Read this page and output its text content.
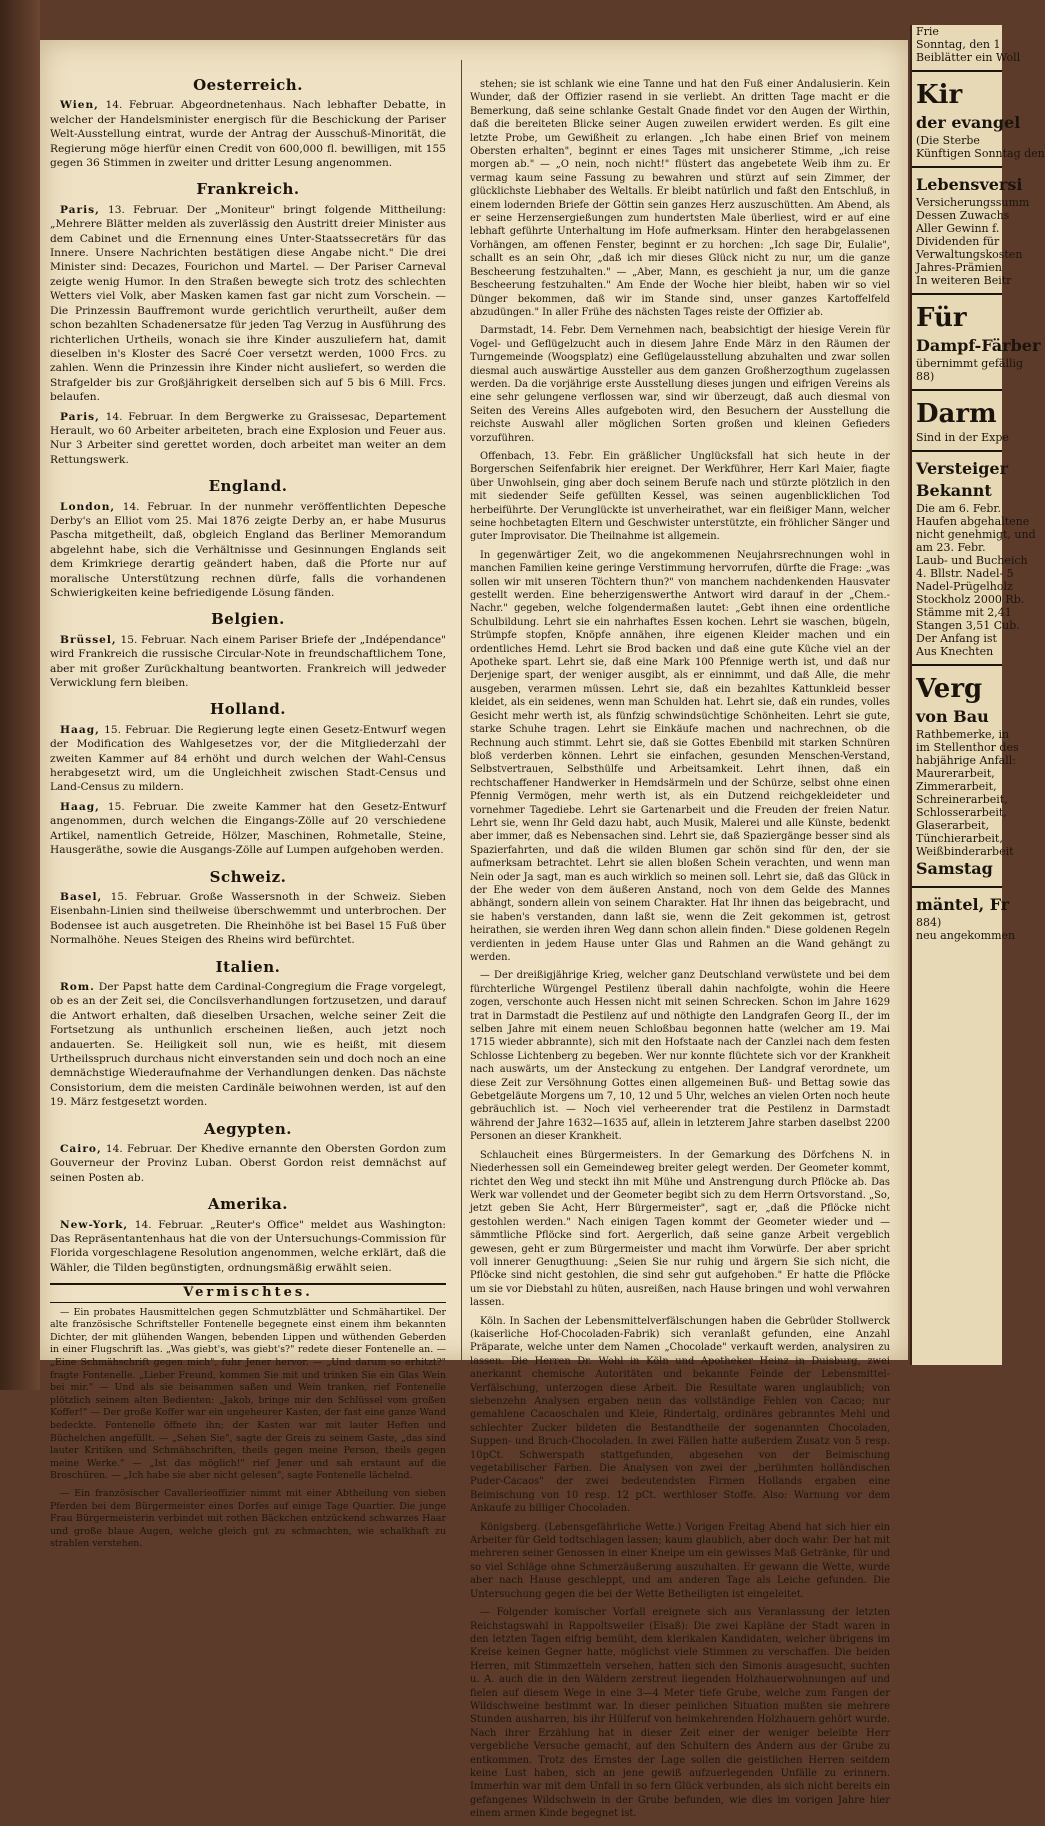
Oesterreich.

Wien, 14. Februar. Abgeordnetenhaus. Nach lebhafter Debatte, in welcher der Handelsminister energisch für die Beschickung der Pariser Welt-Ausstellung eintrat, wurde der Antrag der Ausschuß-Minorität, die Regierung möge hierfür einen Credit von 600,000 fl. bewilligen, mit 155 gegen 36 Stimmen in zweiter und dritter Lesung angenommen.

Frankreich.

Paris, 13. Februar. Der „Moniteur" bringt folgende Mittheilung: „Mehrere Blätter melden als zuverlässig den Austritt dreier Minister aus dem Cabinet und die Ernennung eines Unter-Staatssecretärs für das Innere. Unsere Nachrichten bestätigen diese Angabe nicht." Die drei Minister sind: Decazes, Fourichon und Martel. — Der Pariser Carneval zeigte wenig Humor. In den Straßen bewegte sich trotz des schlechten Wetters viel Volk, aber Masken kamen fast gar nicht zum Vorschein. — Die Prinzessin Bauffremont wurde gerichtlich verurtheilt, außer dem schon bezahlten Schadenersatze für jeden Tag Verzug in Ausführung des richterlichen Urtheils, wonach sie ihre Kinder auszuliefern hat, damit dieselben in's Kloster des Sacré Coer versetzt werden, 1000 Frcs. zu zahlen. Wenn die Prinzessin ihre Kinder nicht ausliefert, so werden die Strafgelder bis zur Großjährigkeit derselben sich auf 5 bis 6 Mill. Frcs. belaufen.

Paris, 14. Februar. In dem Bergwerke zu Graissesac, Departement Herault, wo 60 Arbeiter arbeiteten, brach eine Explosion und Feuer aus. Nur 3 Arbeiter sind gerettet worden, doch arbeitet man weiter an dem Rettungswerk.

England.

London, 14. Februar. In der nunmehr veröffentlichten Depesche Derby's an Elliot vom 25. Mai 1876 zeigte Derby an, er habe Musurus Pascha mitgetheilt, daß, obgleich England das Berliner Memorandum abgelehnt habe, sich die Verhältnisse und Gesinnungen Englands seit dem Krimkriege derartig geändert haben, daß die Pforte nur auf moralische Unterstützung rechnen dürfe, falls die vorhandenen Schwierigkeiten keine befriedigende Lösung fänden.

Belgien.

Brüssel, 15. Februar. Nach einem Pariser Briefe der „Indépendance" wird Frankreich die russische Circular-Note in freundschaftlichem Tone, aber mit großer Zurückhaltung beantworten. Frankreich will jedweder Verwicklung fern bleiben.

Holland.

Haag, 15. Februar. Die Regierung legte einen Gesetz-Entwurf wegen der Modification des Wahlgesetzes vor, der die Mitgliederzahl der zweiten Kammer auf 84 erhöht und durch welchen der Wahl-Census herabgesetzt wird, um die Ungleichheit zwischen Stadt-Census und Land-Census zu mildern.

Haag, 15. Februar. Die zweite Kammer hat den Gesetz-Entwurf angenommen, durch welchen die Eingangs-Zölle auf 20 verschiedene Artikel, namentlich Getreide, Hölzer, Maschinen, Rohmetalle, Steine, Hausgeräthe, sowie die Ausgangs-Zölle auf Lumpen aufgehoben werden.

Schweiz.

Basel, 15. Februar. Große Wassersnoth in der Schweiz. Sieben Eisenbahn-Linien sind theilweise überschwemmt und unterbrochen. Der Bodensee ist auch ausgetreten. Die Rheinhöhe ist bei Basel 15 Fuß über Normalhöhe. Neues Steigen des Rheins wird befürchtet.

Italien.

Rom. Der Papst hatte dem Cardinal-Congregium die Frage vorgelegt, ob es an der Zeit sei, die Concilsverhandlungen fortzusetzen, und darauf die Antwort erhalten, daß dieselben Ursachen, welche seiner Zeit die Fortsetzung als unthunlich erscheinen ließen, auch jetzt noch andauerten. Se. Heiligkeit soll nun, wie es heißt, mit diesem Urtheilsspruch durchaus nicht einverstanden sein und doch noch an eine demnächstige Wiederaufnahme der Verhandlungen denken. Das nächste Consistorium, dem die meisten Cardinäle beiwohnen werden, ist auf den 19. März festgesetzt worden.

Aegypten.

Cairo, 14. Februar. Der Khedive ernannte den Obersten Gordon zum Gouverneur der Provinz Luban. Oberst Gordon reist demnächst auf seinen Posten ab.

Amerika.

New-York, 14. Februar. „Reuter's Office" meldet aus Washington: Das Repräsentantenhaus hat die von der Untersuchungs-Commission für Florida vorgeschlagene Resolution angenommen, welche erklärt, daß die Wähler, die Tilden begünstigten, ordnungsmäßig erwählt seien.

Vermischtes.

— Ein probates Hausmittelchen gegen Schmutzblätter und Schmähartikel. Der alte französische Schriftsteller Fontenelle begegnete einst einem ihm bekannten Dichter, der mit glühenden Wangen, bebenden Lippen und wüthenden Geberden in einer Flugschrift las. „Was giebt's, was giebt's?" redete dieser Fontenelle an. — „Eine Schmähschrift gegen mich", fuhr Jener hervor. — „Und darum so erhitzt?" fragte Fontenelle. „Lieber Freund, kommen Sie mit und trinken Sie ein Glas Wein bei mir." — Und als sie beisammen saßen und Wein tranken, rief Fontenelle plötzlich seinem alten Bedienten: „Jakob, bringe mir den Schlüssel vom großen Koffer!" — Der große Koffer war ein ungeheurer Kasten, der fast eine ganze Wand bedeckte. Fontenelle öffnete ihn; der Kasten war mit lauter Heften und Büchelchen angefüllt. — „Sehen Sie", sagte der Greis zu seinem Gaste, „das sind lauter Kritiken und Schmähschriften, theils gegen meine Person, theils gegen meine Werke." — „Ist das möglich!" rief Jener und sah erstaunt auf die Broschüren. — „Ich habe sie aber nicht gelesen", sagte Fontenelle lächelnd.

— Ein französischer Cavallerieoffizier nimmt mit einer Abtheilung von sieben Pferden bei dem Bürgermeister eines Dorfes auf einige Tage Quartier. Die junge Frau Bürgermeisterin verbindet mit rothen Bäckchen entzückend schwarzes Haar und große blaue Augen, welche gleich gut zu schmachten, wie schalkhaft zu strahlen verstehen.

stehen; sie ist schlank wie eine Tanne und hat den Fuß einer Andalusierin. Kein Wunder, daß der Offizier rasend in sie verliebt. An dritten Tage macht er die Bemerkung, daß seine schlanke Gestalt Gnade findet vor den Augen der Wirthin, daß die bereiteten Blicke seiner Augen zuweilen erwidert werden. Es gilt eine letzte Probe, um Gewißheit zu erlangen. „Ich habe einen Brief von meinem Obersten erhalten", beginnt er eines Tages mit unsicherer Stimme, „ich reise morgen ab." — „O nein, noch nicht!" flüstert das angebetete Weib ihm zu. Er vermag kaum seine Fassung zu bewahren und stürzt auf sein Zimmer, der glücklichste Liebhaber des Weltalls. Er bleibt natürlich und faßt den Entschluß, in einem lodernden Briefe der Göttin sein ganzes Herz auszuschütten. Am Abend, als er seine Herzensergießungen zum hundertsten Male überliest, wird er auf eine lebhaft geführte Unterhaltung im Hofe aufmerksam. Hinter den herabgelassenen Vorhängen, am offenen Fenster, beginnt er zu horchen: „Ich sage Dir, Eulalie", schallt es an sein Ohr, „daß ich mir dieses Glück nicht zu nur, um die ganze Bescheerung festzuhalten." — „Aber, Mann, es geschieht ja nur, um die ganze Bescheerung festzuhalten." Am Ende der Woche hier bleibt, haben wir so viel Dünger bekommen, daß wir im Stande sind, unser ganzes Kartoffelfeld abzudüngen." In aller Frühe des nächsten Tages reiste der Offizier ab.

Darmstadt, 14. Febr. Dem Vernehmen nach, beabsichtigt der hiesige Verein für Vogel- und Geflügelzucht auch in diesem Jahre Ende März in den Räumen der Turngemeinde (Woogsplatz) eine Geflügelausstellung abzuhalten und zwar sollen diesmal auch auswärtige Aussteller aus dem ganzen Großherzogthum zugelassen werden. Da die vorjährige erste Ausstellung dieses jungen und eifrigen Vereins als eine sehr gelungene verflossen war, sind wir überzeugt, daß auch diesmal von Seiten des Vereins Alles aufgeboten wird, den Besuchern der Ausstellung die reichste Auswahl aller möglichen Sorten großen und kleinen Gefieders vorzuführen.

Offenbach, 13. Febr. Ein gräßlicher Unglücksfall hat sich heute in der Borgerschen Seifenfabrik hier ereignet. Der Werkführer, Herr Karl Maier, fiagte über Unwohlsein, ging aber doch seinem Berufe nach und stürzte plötzlich in den mit siedender Seife gefüllten Kessel, was seinen augenblicklichen Tod herbeiführte. Der Verunglückte ist unverheirathet, war ein fleißiger Mann, welcher seine hochbetagten Eltern und Geschwister unterstützte, ein fröhlicher Sänger und guter Improvisator. Die Theilnahme ist allgemein.

In gegenwärtiger Zeit, wo die angekommenen Neujahrsrechnungen wohl in manchen Familien keine geringe Verstimmung hervorrufen, dürfte die Frage: „was sollen wir mit unseren Töchtern thun?" von manchem nachdenkenden Hausvater gestellt werden. Eine beherzigenswerthe Antwort wird darauf in der „Chem.-Nachr." gegeben, welche folgendermaßen lautet: „Gebt ihnen eine ordentliche Schulbildung. Lehrt sie ein nahrhaftes Essen kochen. Lehrt sie waschen, bügeln, Strümpfe stopfen, Knöpfe annähen, ihre eigenen Kleider machen und ein ordentliches Hemd. Lehrt sie Brod backen und daß eine gute Küche viel an der Apotheke spart. Lehrt sie, daß eine Mark 100 Pfennige werth ist, und daß nur Derjenige spart, der weniger ausgibt, als er einnimmt, und daß Alle, die mehr ausgeben, verarmen müssen. Lehrt sie, daß ein bezahltes Kattunkleid besser kleidet, als ein seidenes, wenn man Schulden hat. Lehrt sie, daß ein rundes, volles Gesicht mehr werth ist, als fünfzig schwindsüchtige Schönheiten. Lehrt sie gute, starke Schuhe tragen. Lehrt sie Einkäufe machen und nachrechnen, ob die Rechnung auch stimmt. Lehrt sie, daß sie Gottes Ebenbild mit starken Schnüren bloß verderben können. Lehrt sie einfachen, gesunden Menschen-Verstand, Selbstvertrauen, Selbsthülfe und Arbeitsamkeit. Lehrt ihnen, daß ein rechtschaffener Handwerker in Hemdsärmeln und der Schürze, selbst ohne einen Pfennig Vermögen, mehr werth ist, als ein Dutzend reichgekleideter und vornehmer Tagediebe. Lehrt sie Gartenarbeit und die Freuden der freien Natur. Lehrt sie, wenn Ihr Geld dazu habt, auch Musik, Malerei und alle Künste, bedenkt aber immer, daß es Nebensachen sind. Lehrt sie, daß Spaziergänge besser sind als Spazierfahrten, und daß die wilden Blumen gar schön sind für den, der sie aufmerksam betrachtet. Lehrt sie allen bloßen Schein verachten, und wenn man Nein oder Ja sagt, man es auch wirklich so meinen soll. Lehrt sie, daß das Glück in der Ehe weder von dem äußeren Anstand, noch von dem Gelde des Mannes abhängt, sondern allein von seinem Charakter. Hat Ihr ihnen das beigebracht, und sie haben's verstanden, dann laßt sie, wenn die Zeit gekommen ist, getrost heirathen, sie werden ihren Weg dann schon allein finden." Diese goldenen Regeln verdienten in jedem Hause unter Glas und Rahmen an die Wand gehängt zu werden.

— Der dreißigjährige Krieg, welcher ganz Deutschland verwüstete und bei dem fürchterliche Würgengel Pestilenz überall dahin nachfolgte, wohin die Heere zogen, verschonte auch Hessen nicht mit seinen Schrecken. Schon im Jahre 1629 trat in Darmstadt die Pestilenz auf und nöthigte den Landgrafen Georg II., der im selben Jahre mit einem neuen Schloßbau begonnen hatte (welcher am 19. Mai 1715 wieder abbrannte), sich mit den Hofstaate nach der Canzlei nach dem festen Schlosse Lichtenberg zu begeben. Wer nur konnte flüchtete sich vor der Krankheit nach auswärts, um der Ansteckung zu entgehen. Der Landgraf verordnete, um diese Zeit zur Versöhnung Gottes einen allgemeinen Buß- und Bettag sowie das Gebetgeläute Morgens um 7, 10, 12 und 5 Uhr, welches an vielen Orten noch heute gebräuchlich ist. — Noch viel verheerender trat die Pestilenz in Darmstadt während der Jahre 1632—1635 auf, allein in letzterem Jahre starben daselbst 2200 Personen an dieser Krankheit.

Schlaucheit eines Bürgermeisters. In der Gemarkung des Dörfchens N. in Niederhessen soll ein Gemeindeweg breiter gelegt werden. Der Geometer kommt, richtet den Weg und steckt ihn mit Mühe und Anstrengung durch Pflöcke ab. Das Werk war vollendet und der Geometer begibt sich zu dem Herrn Ortsvorstand. „So, jetzt geben Sie Acht, Herr Bürgermeister", sagt er, „daß die Pflöcke nicht gestohlen werden." Nach einigen Tagen kommt der Geometer wieder und — sämmtliche Pflöcke sind fort. Aergerlich, daß seine ganze Arbeit vergeblich gewesen, geht er zum Bürgermeister und macht ihm Vorwürfe. Der aber spricht voll innerer Genugthuung: „Seien Sie nur ruhig und ärgern Sie sich nicht, die Pflöcke sind nicht gestohlen, die sind sehr gut aufgehoben." Er hatte die Pflöcke um sie vor Diebstahl zu hüten, ausreißen, nach Hause bringen und wohl verwahren lassen.

Köln. In Sachen der Lebensmittelverfälschungen haben die Gebrüder Stollwerck (kaiserliche Hof-Chocoladen-Fabrik) sich veranlaßt gefunden, eine Anzahl Präparate, welche unter dem Namen „Chocolade" verkauft werden, analysiren zu lassen. Die Herren Dr. Wohl in Köln und Apotheker Heinz in Duisburg, zwei anerkannt chemische Autoritäten und bekannte Feinde der Lebensmittel-Verfälschung, unterzogen diese Arbeit. Die Resultate waren unglaublich; von siebenzehn Analysen ergaben neun das vollständige Fehlen von Cacao; nur gemahlene Cacaoschalen und Kleie, Rindertalg, ordinäres gebranntes Mehl und schlechter Zucker bildeten die Bestandtheile der sogenannten Chocoladen, Suppen- und Bruch-Chocoladen. In zwei Fällen hatte außerdem Zusatz von 5 resp. 10pCt. Schwerspath stattgefunden, abgesehen von der Beimischung vegetabilischer Farben. Die Analysen von zwei der „berühmten holländischen Puder-Cacaos" der zwei bedeutendsten Firmen Hollands ergaben eine Beimischung von 10 resp. 12 pCt. werthloser Stoffe. Also: Warnung vor dem Ankaufe zu billiger Chocoladen.

Königsberg. (Lebensgefährliche Wette.) Vorigen Freitag Abend hat sich hier ein Arbeiter für Geld todtschlagen lassen; kaum glaublich, aber doch wahr. Der hat mit mehreren seiner Genossen in einer Kneipe um ein gewisses Maß Getränke, für und so viel Schläge ohne Schmerzäußerung auszuhalten. Er gewann die Wette, wurde aber nach Hause geschleppt, und am anderen Tage als Leiche gefunden. Die Untersuchung gegen die bei der Wette Betheiligten ist eingeleitet.

— Folgender komischer Vorfall ereignete sich aus Veranlassung der letzten Reichstagswahl in Rappoltsweiler (Elsaß): Die zwei Kapläne der Stadt waren in den letzten Tagen eifrig bemüht, dem klerikalen Kandidaten, welcher übrigens im Kreise keinen Gegner hatte, möglichst viele Stimmen zu verschaffen. Die beiden Herren, mit Stimmzetteln versehen, hatten sich den Simonis ausgesucht, suchten u. A. auch die in den Wäldern zerstreut liegenden Holzhauerwohnungen auf und fielen auf diesem Wege in eine 3—4 Meter tiefe Grube, welche zum Fangen der Wildschweine bestimmt war. In dieser peinlichen Situation mußten sie mehrere Stunden ausharren, bis ihr Hülferuf von heimkehrenden Holzhauern gehört wurde. Nach ihrer Erzählung hat in dieser Zeit einer der weniger beleibte Herr vergebliche Versuche gemacht, auf den Schultern des Andern aus der Grube zu entkommen. Trotz des Ernstes der Lage sollen die geistlichen Herren seitdem keine Lust haben, sich an jene gewiß aufzuerlegenden Unfälle zu erinnern. Immerhin war mit dem Unfall in so fern Glück verbunden, als sich nicht bereits ein gefangenes Wildschwein in der Grube befunden, wie dies im vorigen Jahre hier einem armen Kinde begegnet ist.

Frie
Sonntag, den 1
Beiblätter ein Woll
Kir
der evangel
(Die Sterbe
Künftigen Sonntag den
Lebensversi
Versicherungssumm
Dessen Zuwachs
Aller Gewinn f.
Dividenden für
Verwaltungskosten
Jahres-Prämien
In weiteren Beitr
Für
Dampf-Färber
übernimmt gefällig
88)
Darm
Sind in der Expe
Versteiger
Bekannt
Die am 6. Febr.
Haufen abgehaltene
nicht genehmigt, und
am 23. Febr.
Laub- und Bucheich
4. Bllstr. Nadel- 5
Nadel-Prügelholz
Stockholz 2000 Rb.
Stämme mit 2,41
Stangen 3,51 Cub.
Der Anfang ist
Aus Knechten
Verg
von Bau
Rathbemerke, in
im Stellenthor des
habjährige Anfall:
Maurerarbeit,
Zimmerarbeit,
Schreinerarbeit,
Schlosserarbeit,
Glaserarbeit,
Tünchierarbeit,
Weißbinderarbeit
Samstag
mäntel, Fr
884)
neu angekommen
